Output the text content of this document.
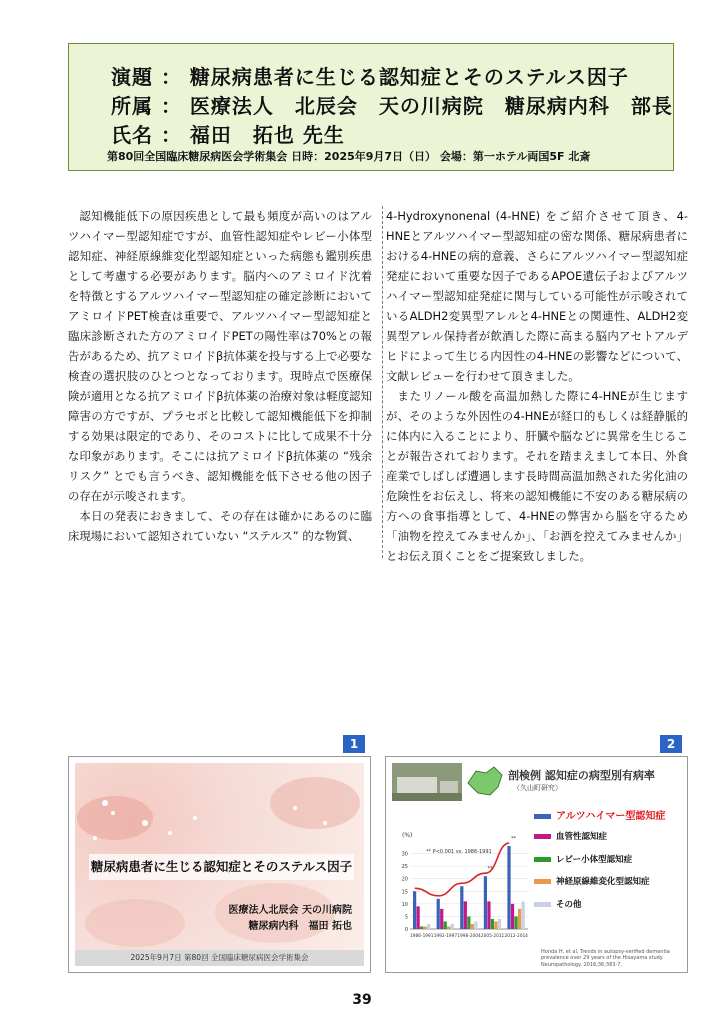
演題 ： 糖尿病患者に生じる認知症とそのステルス因子
所属 ： 医療法人　北辰会　天の川病院　糖尿病内科　部長
氏名 ： 福田　拓也 先生
第80回全国臨床糖尿病医会学術集会 日時：2025年9月7日（日） 会場：第一ホテル両国5F 北斎

認知機能低下の原因疾患として最も頻度が高いのはアルツハイマー型認知症ですが、血管性認知症やレビー小体型認知症、神経原線維変化型認知症といった病態も鑑別疾患として考慮する必要があります。脳内へのアミロイド沈着を特徴とするアルツハイマー型認知症の確定診断においてアミロイドPET検査は重要で、アルツハイマー型認知症と臨床診断された方のアミロイドPETの陽性率は70%との報告があるため、抗アミロイドβ抗体薬を投与する上で必要な検査の選択肢のひとつとなっております。現時点で医療保険が適用となる抗アミロイドβ抗体薬の治療対象は軽度認知障害の方ですが、プラセボと比較して認知機能低下を抑制する効果は限定的であり、そのコストに比して成果不十分な印象があります。そこには抗アミロイドβ抗体薬の “残余リスク” とでも言うべき、認知機能を低下させる他の因子の存在が示唆されます。

本日の発表におきまして、その存在は確かにあるのに臨床現場において認知されていない “ステルス” 的な物質、

4-Hydroxynonenal (4-HNE) をご紹介させて頂き、4-HNEとアルツハイマー型認知症の密な関係、糖尿病患者における4-HNEの病的意義、さらにアルツハイマー型認知症発症において重要な因子であるAPOE遺伝子およびアルツハイマー型認知症発症に関与している可能性が示唆されているALDH2変異型アレルと4-HNEとの関連性、ALDH2変異型アレル保持者が飲酒した際に高まる脳内アセトアルデヒドによって生じる内因性の4-HNEの影響などについて、文献レビューを行わせて頂きました。

またリノール酸を高温加熱した際に4-HNEが生じますが、そのような外因性の4-HNEが経口的もしくは経静脈的に体内に入ることにより、肝臓や脳などに異常を生じることが報告されております。それを踏まえまして本日、外食産業でしばしば遭遇します長時間高温加熱された劣化油の危険性をお伝えし、将来の認知機能に不安のある糖尿病の方への食事指導として、4-HNEの弊害から脳を守るため「油物を控えてみませんか」、「お酒を控えてみませんか」とお伝え頂くことをご提案致しました。

1
糖尿病患者に生じる認知症とそのステルス因子
医療法人北辰会 天の川病院
糖尿病内科　福田 拓也
2025年9月7日 第80回 全国臨床糖尿病医会学術集会
2
剖検例 認知症の病型別有病率
（久山町研究）
(%)
** P<0.001 vs. 1986-1991
0
5
10
15
20
25
30
1986-1991 1992-1997 1998-2004 2005-2011 2012-2014
**
**
アルツハイマー型認知症
血管性認知症
レビー小体型認知症
神経原線維変化型認知症
その他
Honda H, et al. Trends in autopsy-verified dementia prevalence over 29 years of the Hisayama study. Neuropathology. 2016;36:383-7.
39
